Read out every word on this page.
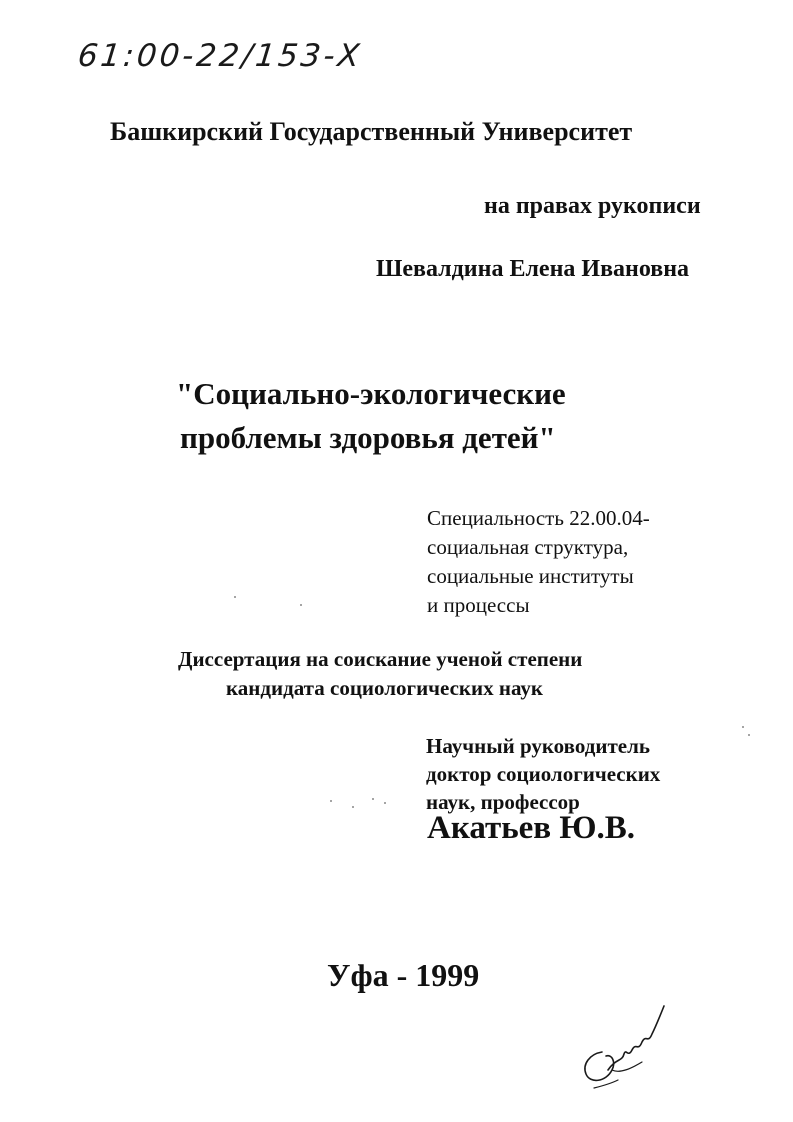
61:00-22/153-Х
Башкирский Государственный Университет
на правах рукописи
Шевалдина Елена Ивановна
"Социально-экологические
проблемы здоровья детей"
Специальность 22.00.04-
социальная структура,
социальные институты
и процессы
Диссертация на соискание ученой степени
кандидата социологических наук
Научный руководитель
доктор социологических
наук, профессор
Акатьев Ю.В.
Уфа - 1999
